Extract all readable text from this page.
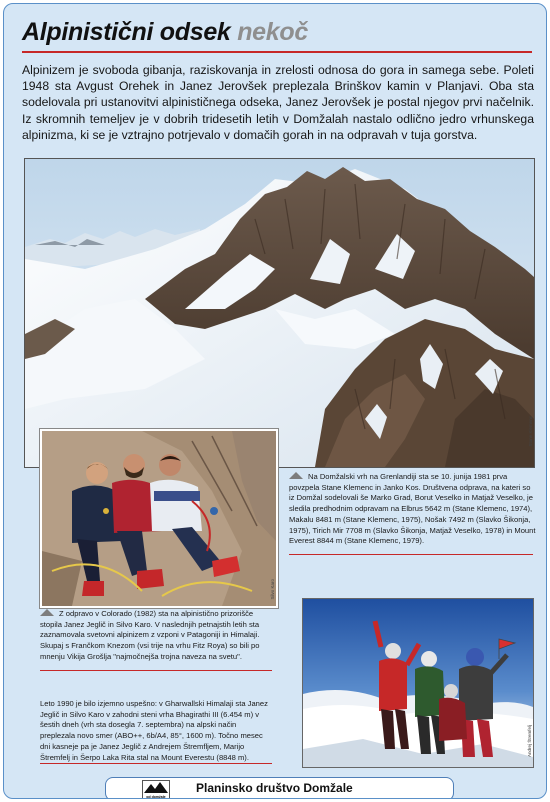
Alpinistični odsek nekoč

Alpinizem je svoboda gibanja, raziskovanja in zrelosti odnosa do gora in samega sebe. Poleti 1948 sta Avgust Orehek in Janez Jerovšek preplezala Brinškov kamin v Planjavi. Oba sta sodelovala pri ustanovitvi alpinističnega odseka, Janez Jerovšek je postal njegov prvi načelnik. Iz skromnih temeljev je v dobrih tridesetih letih v Domžalah nastalo odlično jedro vrhunskega alpinizma, ki se je vztrajno potrjevalo v domačih gorah in na odpravah v tuja gorstva.

Stane Klemenc
Silvo Karo

Na Domžalski vrh na Grenlandiji sta se 10. junija 1981 prva povzpela Stane Klemenc in Janko Kos. Društvena odprava, na kateri so iz Domžal sodelovali še Marko Grad, Borut Veselko in Matjaž Veselko, je sledila predhodnim odpravam na Elbrus 5642 m (Stane Klemenc, 1974), Makalu 8481 m (Stane Klemenc, 1975), Nošak 7492 m (Slavko Šikonja, 1975), Tirich Mir 7708 m (Slavko Šikonja, Matjaž Veselko, 1978) in Mount Everest 8844 m (Stane Klemenc, 1979).

Z odpravo v Colorado (1982) sta na alpinistično prizorišče stopila Janez Jeglič in Silvo Karo. V naslednjih petnajstih letih sta zaznamovala svetovni alpinizem z vzponi v Patagoniji in Himalaji. Skupaj s Frančkom Knezom (vsi trije na vrhu Fitz Roya) so bili po mnenju Vikija Grošlja "najmočnejša trojna naveza na svetu".

Andrej Štremfelj

Leto 1990 je bilo izjemno uspešno: v Gharwallski Himalaji sta Janez Jeglič in Silvo Karo v zahodni steni vrha Bhagirathi III (6.454 m) v šestih dneh (vrh sta dosegla 7. septembra) na alpski način preplezala novo smer (ABO++, 6b/A4, 85°, 1600 m). Točno mesec dni kasneje pa je Janez Jeglič z Andrejem Štremfljem, Marijo Štremfelj in Šerpo Laka Rita stal na Mount Everestu (8848 m).

pd domžale
Planinsko društvo Domžale
